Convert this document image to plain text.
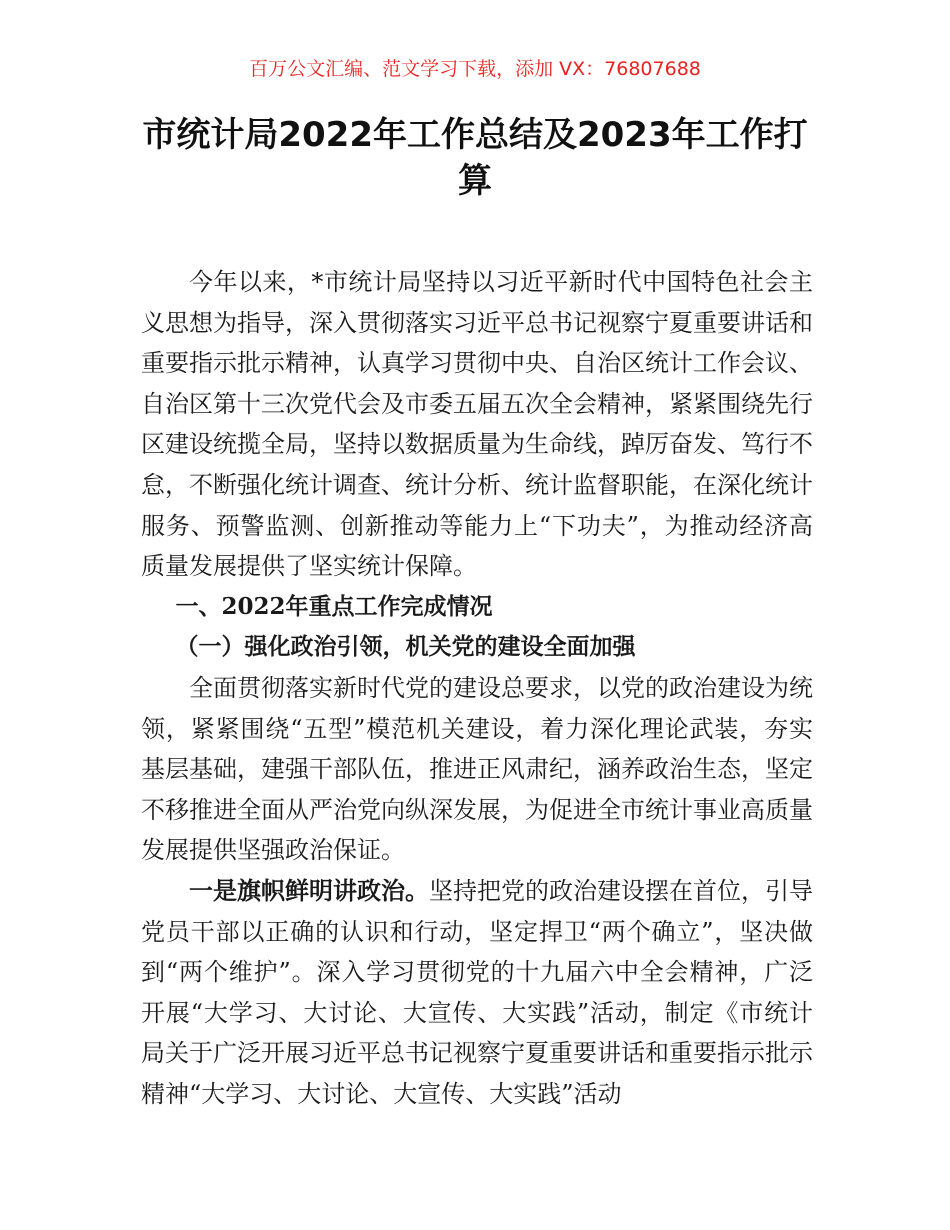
百万公文汇编、范文学习下载，添加 VX：76807688
市统计局2022年工作总结及2023年工作打算

今年以来，*市统计局坚持以习近平新时代中国特色社会主义思想为指导，深入贯彻落实习近平总书记视察宁夏重要讲话和重要指示批示精神，认真学习贯彻中央、自治区统计工作会议、自治区第十三次党代会及市委五届五次全会精神，紧紧围绕先行区建设统揽全局，坚持以数据质量为生命线，踔厉奋发、笃行不怠，不断强化统计调查、统计分析、统计监督职能，在深化统计服务、预警监测、创新推动等能力上“下功夫”，为推动经济高质量发展提供了坚实统计保障。

一、2022年重点工作完成情况
（一）强化政治引领，机关党的建设全面加强

全面贯彻落实新时代党的建设总要求，以党的政治建设为统领，紧紧围绕“五型”模范机关建设，着力深化理论武装，夯实基层基础，建强干部队伍，推进正风肃纪，涵养政治生态，坚定不移推进全面从严治党向纵深发展，为促进全市统计事业高质量发展提供坚强政治保证。

一是旗帜鲜明讲政治。坚持把党的政治建设摆在首位，引导党员干部以正确的认识和行动，坚定捍卫“两个确立”，坚决做到“两个维护”。深入学习贯彻党的十九届六中全会精神，广泛开展“大学习、大讨论、大宣传、大实践”活动，制定《市统计局关于广泛开展习近平总书记视察宁夏重要讲话和重要指示批示精神“大学习、大讨论、大宣传、大实践”活动
